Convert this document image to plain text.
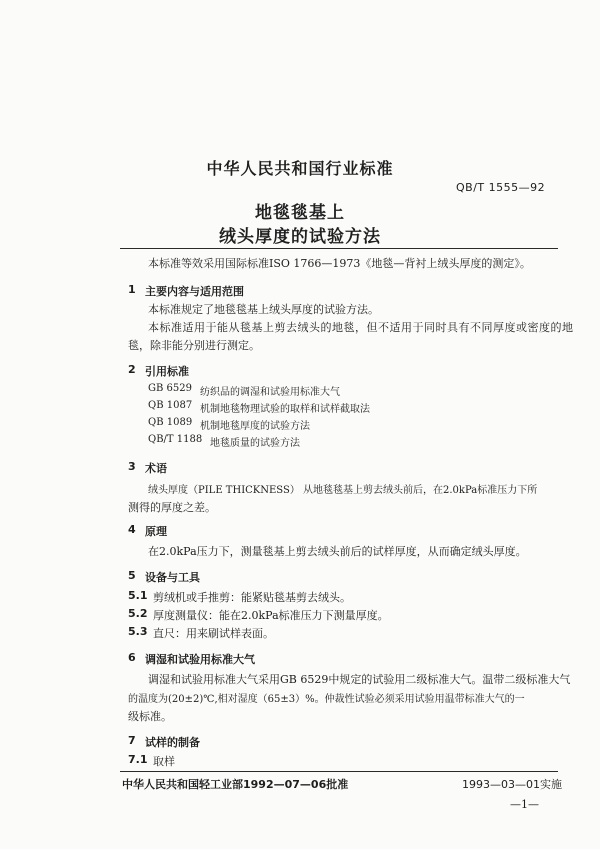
中华人民共和国行业标准
QB/T 1555—92
地毯毯基上
绒头厚度的试验方法
本标准等效采用国际标准ISO 1766—1973《地毯—背衬上绒头厚度的测定》。
1 主要内容与适用范围
本标准规定了地毯毯基上绒头厚度的试验方法。
本标准适用于能从毯基上剪去绒头的地毯，但不适用于同时具有不同厚度或密度的地
毯，除非能分别进行测定。
2 引用标准
GB 6529 纺织品的调湿和试验用标准大气
QB 1087 机制地毯物理试验的取样和试样截取法
QB 1089 机制地毯厚度的试验方法
QB/T 1188 地毯质量的试验方法
3 术语
绒头厚度（PILE THICKNESS） 从地毯毯基上剪去绒头前后，在2.0kPa标准压力下所
测得的厚度之差。
4 原理
在2.0kPa压力下，测量毯基上剪去绒头前后的试样厚度，从而确定绒头厚度。
5 设备与工具
5.1 剪绒机或手推剪：能紧贴毯基剪去绒头。
5.2 厚度测量仪：能在2.0kPa标准压力下测量厚度。
5.3 直尺：用来刷试样表面。
6 调湿和试验用标准大气
调湿和试验用标准大气采用GB 6529中规定的试验用二级标准大气。温带二级标准大气
的温度为(20±2)℃,相对湿度（65±3）%。仲裁性试验必须采用试验用温带标准大气的一
级标准。
7 试样的制备
7.1 取样
中华人民共和国轻工业部1992—07—06批准	1993—03—01实施
—1—
